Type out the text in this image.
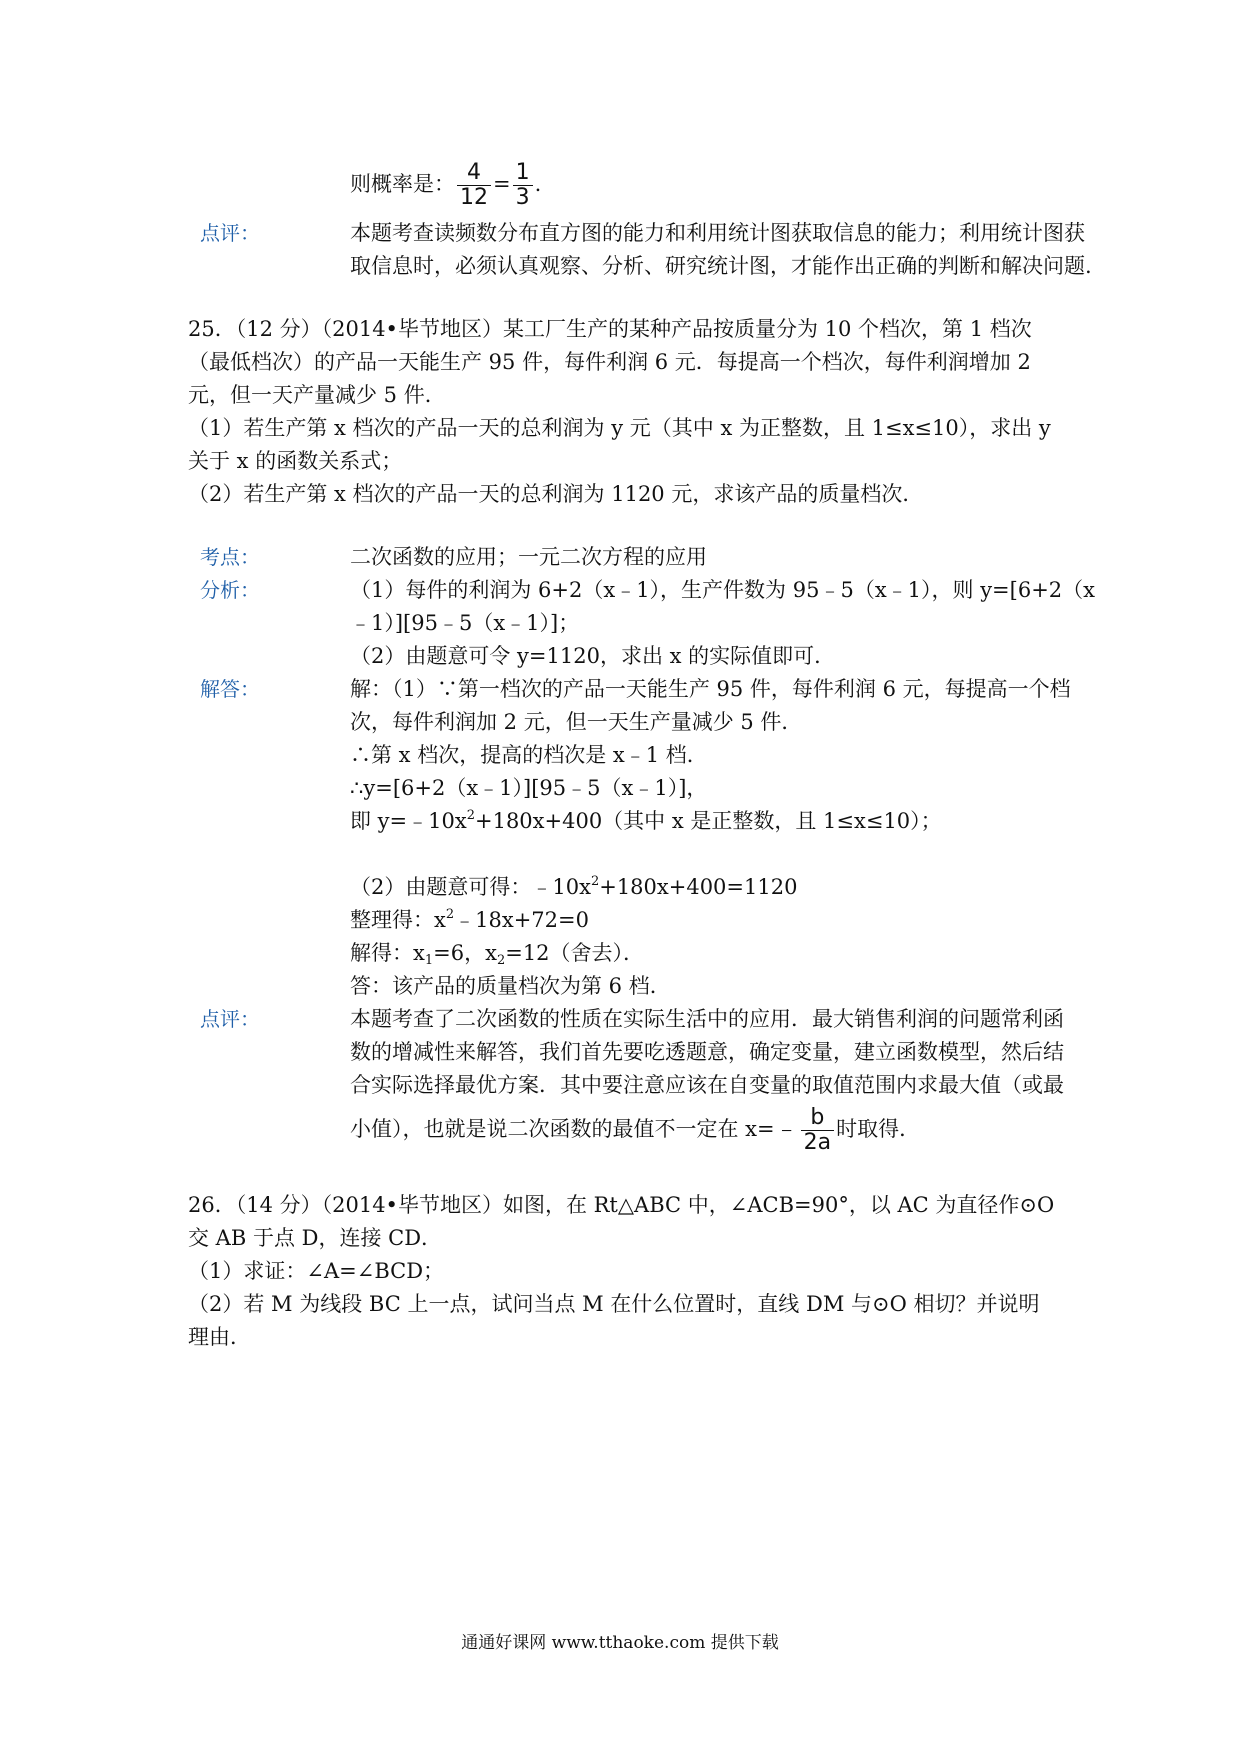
则概率是： $\frac{4}{12} = \frac{1}{3}$ .
点评：	本题考查读频数分布直方图的能力和利用统计图获取信息的能力；利用统计图获
取信息时，必须认真观察、分析、研究统计图，才能作出正确的判断和解决问题.
25．（12 分）（2014•毕节地区）某工厂生产的某种产品按质量分为 10 个档次，第 1 档次
（最低档次）的产品一天能生产 95 件，每件利润 6 元．每提高一个档次，每件利润增加 2
元，但一天产量减少 5 件．
（1）若生产第 x 档次的产品一天的总利润为 y 元（其中 x 为正整数，且 1≤x≤10），求出 y
关于 x 的函数关系式；
（2）若生产第 x 档次的产品一天的总利润为 1120 元，求该产品的质量档次．
考点：	二次函数的应用；一元二次方程的应用
分析：	（1）每件的利润为 6+2（x﹣1），生产件数为 95﹣5（x﹣1），则 y=[6+2（x
﹣1）][95﹣5（x﹣1）]；
（2）由题意可令 y=1120，求出 x 的实际值即可．
解答：	解：（1）∵第一档次的产品一天能生产 95 件，每件利润 6 元，每提高一个档
次，每件利润加 2 元，但一天生产量减少 5 件．
∴第 x 档次，提高的档次是 x﹣1 档．
∴y=[6+2（x﹣1）][95﹣5（x﹣1）]，
即 $y=﹣10x^2+180x+400$（其中 x 是正整数，且 1≤x≤10）；
（2）由题意可得：$﹣10x^2+180x+400=1120$
整理得：$x^2﹣18x+72=0$
解得：$x_1=6$，$x_2=12$（舍去）．
答：该产品的质量档次为第 6 档．
点评：	本题考查了二次函数的性质在实际生活中的应用．最大销售利润的问题常利函
数的增减性来解答，我们首先要吃透题意，确定变量，建立函数模型，然后结
合实际选择最优方案．其中要注意应该在自变量的取值范围内求最大值（或最
小值），也就是说二次函数的最值不一定在 x=﹣ $\frac{b}{2a}$ 时取得．
26．（14 分）（2014•毕节地区）如图，在 Rt△ABC 中，∠ACB=90°，以 AC 为直径作⊙O
交 AB 于点 D，连接 CD．
（1）求证：∠A=∠BCD；
（2）若 M 为线段 BC 上一点，试问当点 M 在什么位置时，直线 DM 与⊙O 相切？并说明
理由．
通通好课网 www.tthaoke.com 提供下载
